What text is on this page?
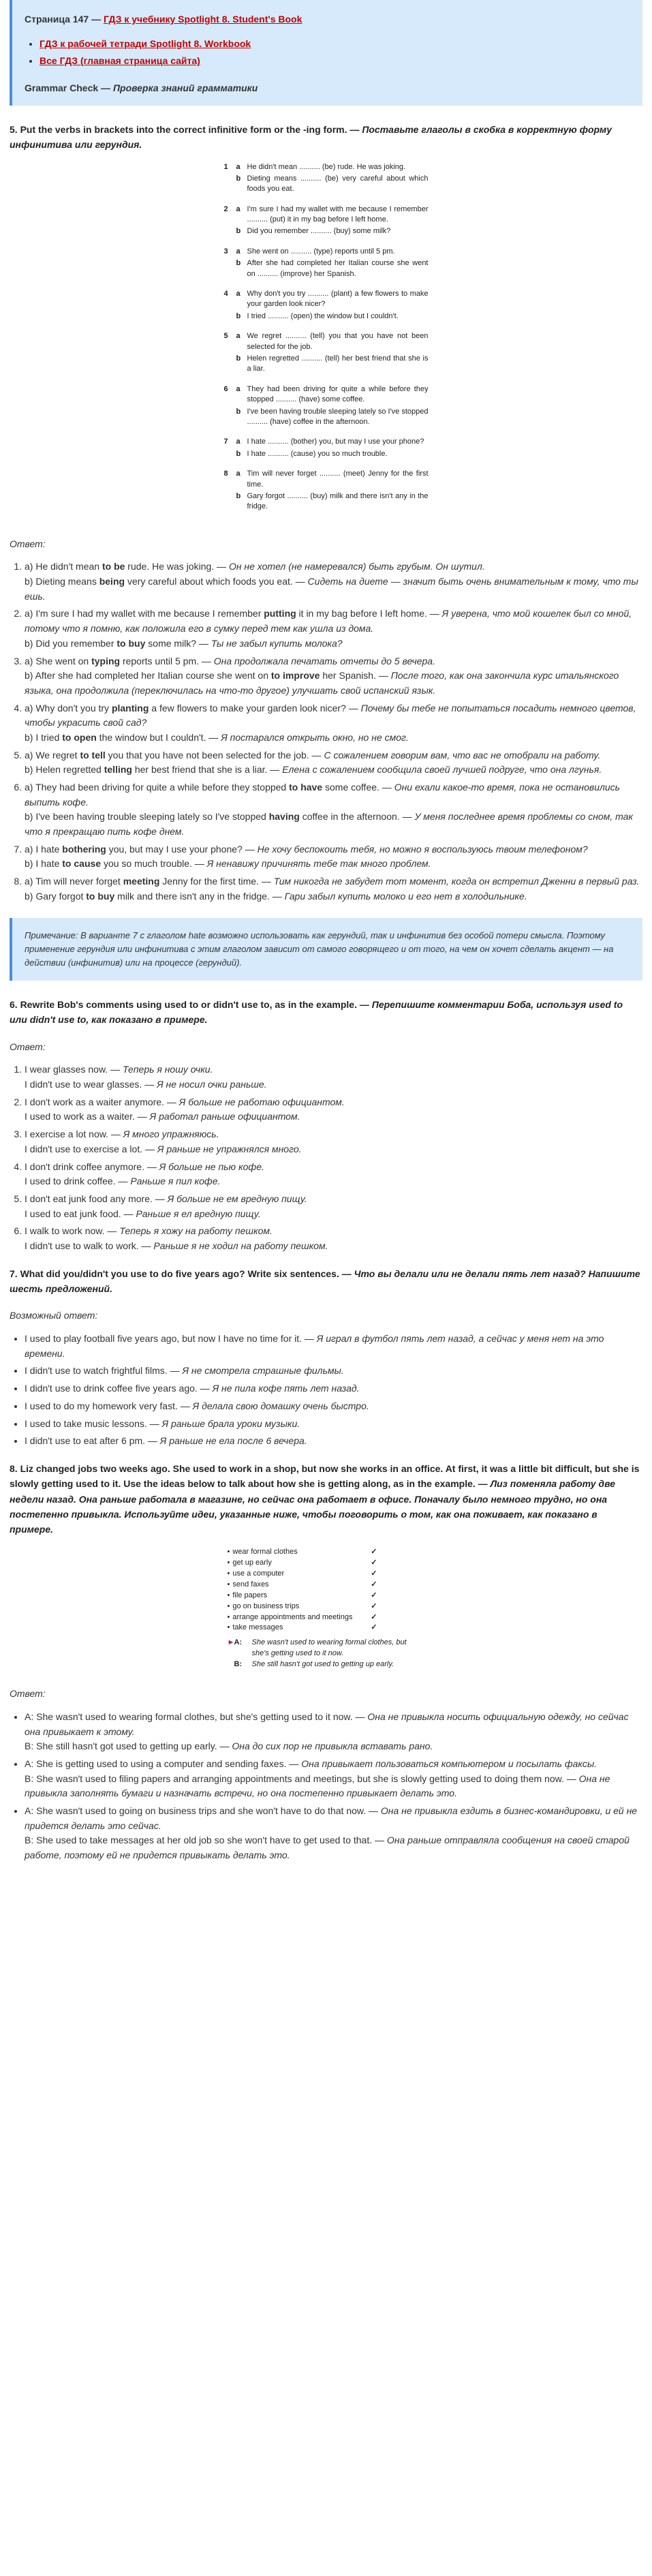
Страница 147 — ГДЗ к учебнику Spotlight 8. Student's Book
• ГДЗ к рабочей тетради Spotlight 8. Workbook
• Все ГДЗ (главная страница сайта)
Grammar Check — Проверка знаний грамматики
5. Put the verbs in brackets into the correct infinitive form or the -ing form. — Поставьте глаголы в скобка в корректную форму инфинитива или герундия.
1	a He didn't mean .......... (be) rude. He was joking.
b Dieting means .......... (be) very careful about which foods you eat.
2	a I'm sure I had my wallet with me because I remember .......... (put) it in my bag before I left home.
b Did you remember .......... (buy) some milk?
3	a She went on .......... (type) reports until 5 pm.
b After she had completed her Italian course she went on .......... (improve) her Spanish.
4	a Why don't you try .......... (plant) a few flowers to make your garden look nicer?
b I tried .......... (open) the window but I couldn't.
5	a We regret .......... (tell) you that you have not been selected for the job.
b Helen regretted .......... (tell) her best friend that she is a liar.
6	a They had been driving for quite a while before they stopped .......... (have) some coffee.
b I've been having trouble sleeping lately so I've stopped .......... (have) coffee in the afternoon.
7	a I hate .......... (bother) you, but may I use your phone?
b I hate .......... (cause) you so much trouble.
8	a Tim will never forget .......... (meet) Jenny for the first time.
b Gary forgot .......... (buy) milk and there isn't any in the fridge.
Ответ:
1. a) He didn't mean to be rude. He was joking. — Он не хотел (не намеревался) быть грубым. Он шутил.
b) Dieting means being very careful about which foods you eat. — Сидеть на диете — значит быть очень внимательным к тому, что ты ешь.
2. a) I'm sure I had my wallet with me because I remember putting it in my bag before I left home. — Я уверена, что мой кошелек был со мной, потому что я помню, как положила его в сумку перед тем как ушла из дома.
b) Did you remember to buy some milk? — Ты не забыл купить молока?
3. a) She went on typing reports until 5 pm. — Она продолжала печатать отчеты до 5 вечера.
b) After she had completed her Italian course she went on to improve her Spanish. — После того, как она закончила курс итальянского языка, она продолжила (переключилась на что-то другое) улучшать свой испанский язык.
4. a) Why don't you try planting a few flowers to make your garden look nicer? — Почему бы тебе не попытаться посадить немного цветов, чтобы украсить свой сад?
b) I tried to open the window but I couldn't. — Я постарался открыть окно, но не смог.
5. a) We regret to tell you that you have not been selected for the job. — С сожалением говорим вам, что вас не отобрали на работу.
b) Helen regretted telling her best friend that she is a liar. — Елена с сожалением сообщила своей лучшей подруге, что она лгунья.
6. a) They had been driving for quite a while before they stopped to have some coffee. — Они ехали какое-то время, пока не остановились выпить кофе.
b) I've been having trouble sleeping lately so I've stopped having coffee in the afternoon. — У меня последнее время проблемы со сном, так что я прекращаю пить кофе днем.
7. a) I hate bothering you, but may I use your phone? — Не хочу беспокоить тебя, но можно я воспользуюсь твоим телефоном?
b) I hate to cause you so much trouble. — Я ненавижу причинять тебе так много проблем.
8. a) Tim will never forget meeting Jenny for the first time. — Тим никогда не забудет тот момент, когда он встретил Дженни в первый раз.
b) Gary forgot to buy milk and there isn't any in the fridge. — Гари забыл купить молоко и его нет в холодильнике.
Примечание: В варианте 7 с глаголом hate возможно использовать как герундий, так и инфинитив без особой потери смысла. Поэтому применение герундия или инфинитива с этим глаголом зависит от самого говорящего и от того, на чем он хочет сделать акцент — на действии (инфинитив) или на процессе (герундий).
6. Rewrite Bob's comments using used to or didn't use to, as in the example. — Перепишите комментарии Боба, используя used to или didn't use to, как показано в примере.
Ответ:
1. I wear glasses now. — Теперь я ношу очки.
I didn't use to wear glasses. — Я не носил очки раньше.
2. I don't work as a waiter anymore. — Я больше не работаю официантом.
I used to work as a waiter. — Я работал раньше официантом.
3. I exercise a lot now. — Я много упражняюсь.
I didn't use to exercise a lot. — Я раньше не упражнялся много.
4. I don't drink coffee anymore. — Я больше не пью кофе.
I used to drink coffee. — Раньше я пил кофе.
5. I don't eat junk food any more. — Я больше не ем вредную пищу.
I used to eat junk food. — Раньше я ел вредную пищу.
6. I walk to work now. — Теперь я хожу на работу пешком.
I didn't use to walk to work. — Раньше я не ходил на работу пешком.
7. What did you/didn't you use to do five years ago? Write six sentences. — Что вы делали или не делали пять лет назад? Напишите шесть предложений.
Возможный ответ:
• I used to play football five years ago, but now I have no time for it. — Я играл в футбол пять лет назад, а сейчас у меня нет на это времени.
• I didn't use to watch frightful films. — Я не смотрела страшные фильмы.
• I didn't use to drink coffee five years ago. — Я не пила кофе пять лет назад.
• I used to do my homework very fast. — Я делала свою домашку очень быстро.
• I used to take music lessons. — Я раньше брала уроки музыки.
• I didn't use to eat after 6 pm. — Я раньше не ела после 6 вечера.
8. Liz changed jobs two weeks ago. She used to work in a shop, but now she works in an office. At first, it was a little bit difficult, but she is slowly getting used to it. Use the ideas below to talk about how she is getting along, as in the example. — Лиз поменяла работу две недели назад. Она раньше работала в магазине, но сейчас она работает в офисе. Поначалу было немного трудно, но она постепенно привыкла. Используйте идеи, указанные ниже, чтобы поговорить о том, как она поживает, как показано в примере.
• wear formal clothes	✓
• get up early	✓
• use a computer	✓
• send faxes	✓
• file papers	✓
• go on business trips	✓
• arrange appointments and meetings ✓
• take messages	✓
► A:	She wasn't used to wearing formal clothes, but she's getting used to it now.
B:	She still hasn't got used to getting up early.
Ответ:
• A: She wasn't used to wearing formal clothes, but she's getting used to it now. — Она не привыкла носить официальную одежду, но сейчас она привыкает к этому.
B: She still hasn't got used to getting up early. — Она до сих пор не привыкла вставать рано.
• A: She is getting used to using a computer and sending faxes. — Она привыкает пользоваться компьютером и посылать факсы.
B: She wasn't used to filing papers and arranging appointments and meetings, but she is slowly getting used to doing them now. — Она не привыкла заполнять бумаги и назначать встречи, но она постепенно привыкает делать это.
• A: She wasn't used to going on business trips and she won't have to do that now. — Она не привыкла ездить в бизнес-командировки, и ей не придется делать это сейчас.
B: She used to take messages at her old job so she won't have to get used to that. — Она раньше отправляла сообщения на своей старой работе, поэтому ей не придется привыкать делать это.
